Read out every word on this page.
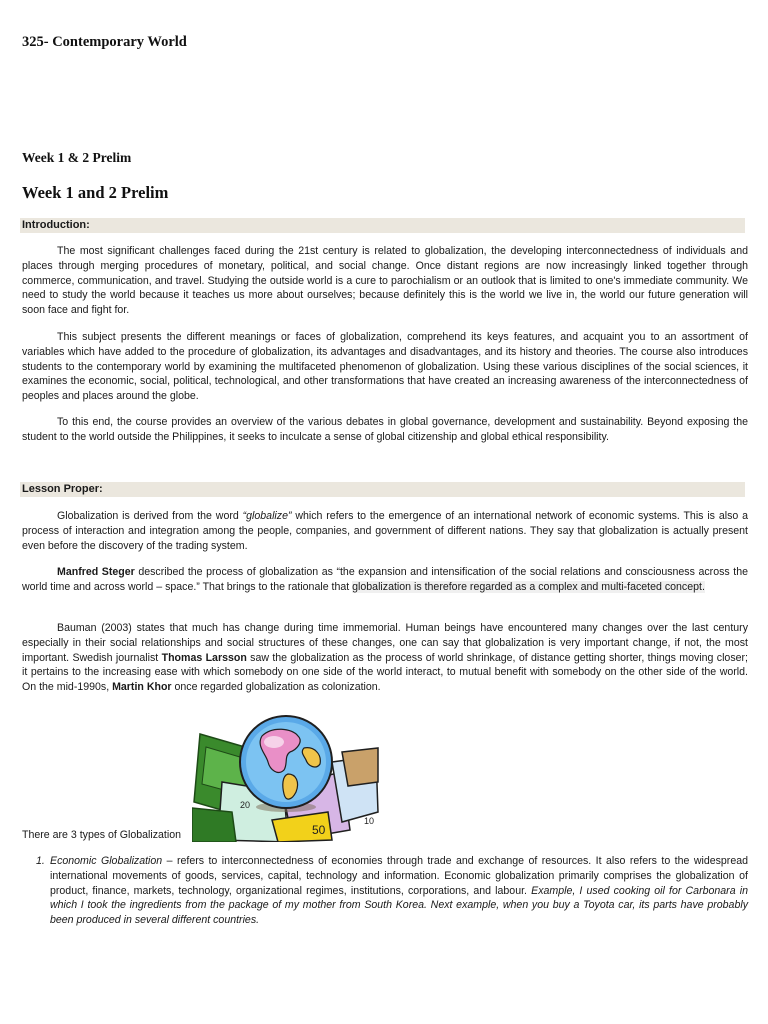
325- Contemporary World
Week 1 & 2 Prelim
Week 1 and 2 Prelim
Introduction:

The most significant challenges faced during the 21st century is related to globalization, the developing interconnectedness of individuals and places through merging procedures of monetary, political, and social change. Once distant regions are now increasingly linked together through commerce, communication, and travel. Studying the outside world is a cure to parochialism or an outlook that is limited to one's immediate community. We need to study the world because it teaches us more about ourselves; because definitely this is the world we live in, the world our future generation will soon face and fight for.

This subject presents the different meanings or faces of globalization, comprehend its keys features, and acquaint you to an assortment of variables which have added to the procedure of globalization, its advantages and disadvantages, and its history and theories. The course also introduces students to the contemporary world by examining the multifaceted phenomenon of globalization. Using these various disciplines of the social sciences, it examines the economic, social, political, technological, and other transformations that have created an increasing awareness of the interconnectedness of peoples and places around the globe.

To this end, the course provides an overview of the various debates in global governance, development and sustainability. Beyond exposing the student to the world outside the Philippines, it seeks to inculcate a sense of global citizenship and global ethical responsibility.

Lesson Proper:

Globalization is derived from the word “globalize” which refers to the emergence of an international network of economic systems. This is also a process of interaction and integration among the people, companies, and government of different nations. They say that globalization is actually present even before the discovery of the trading system.

Manfred Steger described the process of globalization as “the expansion and intensification of the social relations and consciousness across the world time and across world – space.” That brings to the rationale that globalization is therefore regarded as a complex and multi-faceted concept.

Bauman (2003) states that much has change during time immemorial. Human beings have encountered many changes over the last century especially in their social relationships and social structures of these changes, one can say that globalization is very important change, if not, the most important. Swedish journalist Thomas Larsson saw the globalization as the process of world shrinkage, of distance getting shorter, things moving closer; it pertains to the increasing ease with which somebody on one side of the world interact, to mutual benefit with somebody on the other side of the world. On the mid-1990s, Martin Khor once regarded globalization as colonization.

50
20
10
There are 3 types of Globalization
1. Economic Globalization – refers to interconnectedness of economies through trade and exchange of resources. It also refers to the widespread international movements of goods, services, capital, technology and information. Economic globalization primarily comprises the globalization of product, finance, markets, technology, organizational regimes, institutions, corporations, and labour. Example, I used cooking oil for Carbonara in which I took the ingredients from the package of my mother from South Korea. Next example, when you buy a Toyota car, its parts have probably been produced in several different countries.
